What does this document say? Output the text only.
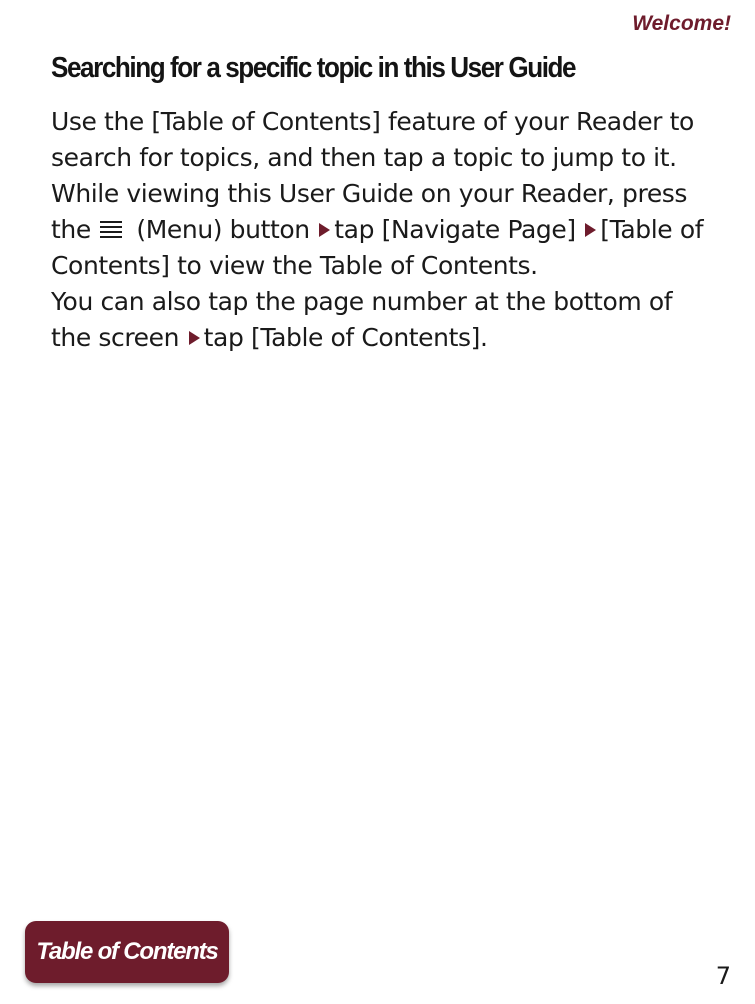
Welcome!
Searching for a specific topic in this User Guide

Use the [Table of Contents] feature of your Reader to search for topics, and then tap a topic to jump to it.

While viewing this User Guide on your Reader, press the (Menu) button tap [Navigate Page] [Table of Contents] to view the Table of Contents.

You can also tap the page number at the bottom of the screen tap [Table of Contents].

Table of Contents
7
